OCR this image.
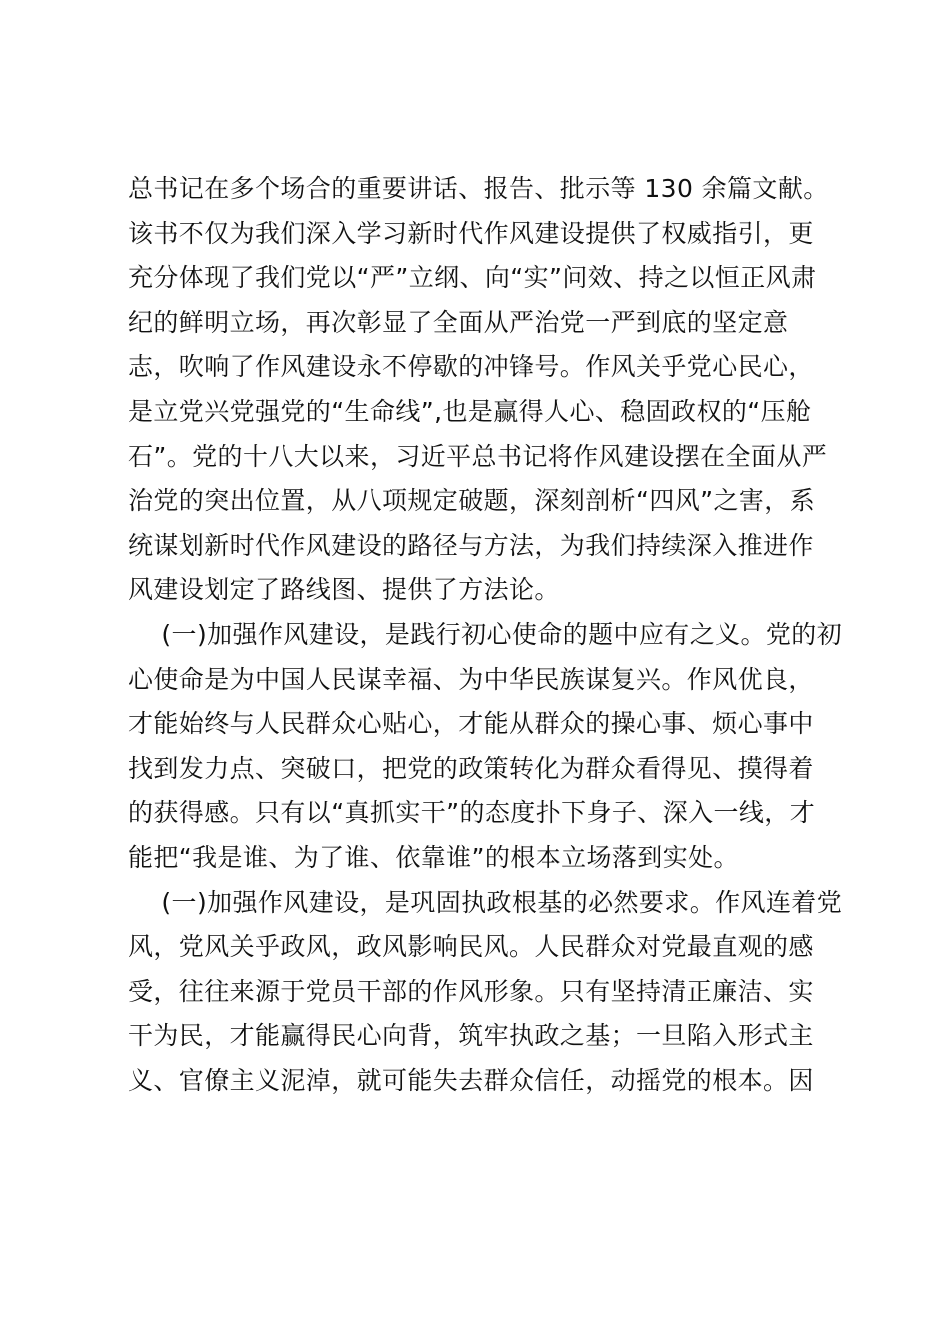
总书记在多个场合的重要讲话、报告、批示等 130 余篇文献。
该书不仅为我们深入学习新时代作风建设提供了权威指引，更
充分体现了我们党以“严”立纲、向“实”问效、持之以恒正风肃
纪的鲜明立场，再次彰显了全面从严治党一严到底的坚定意
志，吹响了作风建设永不停歇的冲锋号。作风关乎党心民心，
是立党兴党强党的“生命线”,也是赢得人心、稳固政权的“压舱
石”。党的十八大以来，习近平总书记将作风建设摆在全面从严
治党的突出位置，从八项规定破题，深刻剖析“四风”之害，系
统谋划新时代作风建设的路径与方法，为我们持续深入推进作
风建设划定了路线图、提供了方法论。
(一)加强作风建设，是践行初心使命的题中应有之义。党的初
心使命是为中国人民谋幸福、为中华民族谋复兴。作风优良，
才能始终与人民群众心贴心，才能从群众的操心事、烦心事中
找到发力点、突破口，把党的政策转化为群众看得见、摸得着
的获得感。只有以“真抓实干”的态度扑下身子、深入一线，才
能把“我是谁、为了谁、依靠谁”的根本立场落到实处。
(一)加强作风建设，是巩固执政根基的必然要求。作风连着党
风，党风关乎政风，政风影响民风。人民群众对党最直观的感
受，往往来源于党员干部的作风形象。只有坚持清正廉洁、实
干为民，才能赢得民心向背，筑牢执政之基；一旦陷入形式主
义、官僚主义泥淖，就可能失去群众信任，动摇党的根本。因
